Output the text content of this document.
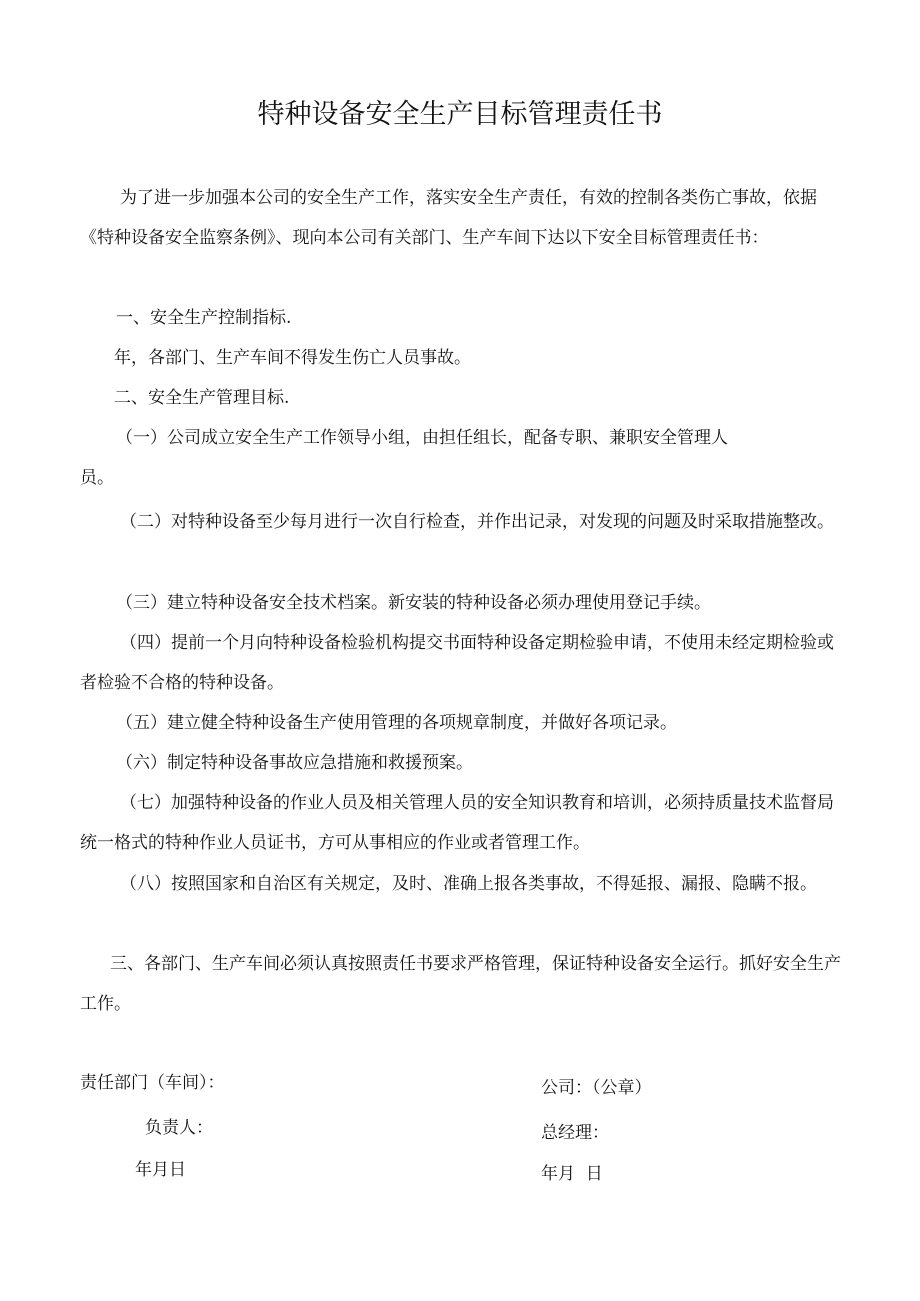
特种设备安全生产目标管理责任书
为了进一步加强本公司的安全生产工作，落实安全生产责任，有效的控制各类伤亡事故，依据《特种设备安全监察条例》、现向本公司有关部门、生产车间下达以下安全目标管理责任书：
一、安全生产控制指标.
年，各部门、生产车间不得发生伤亡人员事故。
二、安全生产管理目标.
（一）公司成立安全生产工作领导小组，由担任组长，配备专职、兼职安全管理人员。
（二）对特种设备至少每月进行一次自行检查，并作出记录，对发现的问题及时采取措施整改。
（三）建立特种设备安全技术档案。新安装的特种设备必须办理使用登记手续。
（四）提前一个月向特种设备检验机构提交书面特种设备定期检验申请，不使用未经定期检验或者检验不合格的特种设备。
（五）建立健全特种设备生产使用管理的各项规章制度，并做好各项记录。
（六）制定特种设备事故应急措施和救援预案。
（七）加强特种设备的作业人员及相关管理人员的安全知识教育和培训，必须持质量技术监督局统一格式的特种作业人员证书，方可从事相应的作业或者管理工作。
（八）按照国家和自治区有关规定，及时、准确上报各类事故，不得延报、漏报、隐瞒不报。
三、各部门、生产车间必须认真按照责任书要求严格管理，保证特种设备安全运行。抓好安全生产工作。
责任部门（车间）：
负责人：
年月日
公司：（公章）
总经理：
年月  日
